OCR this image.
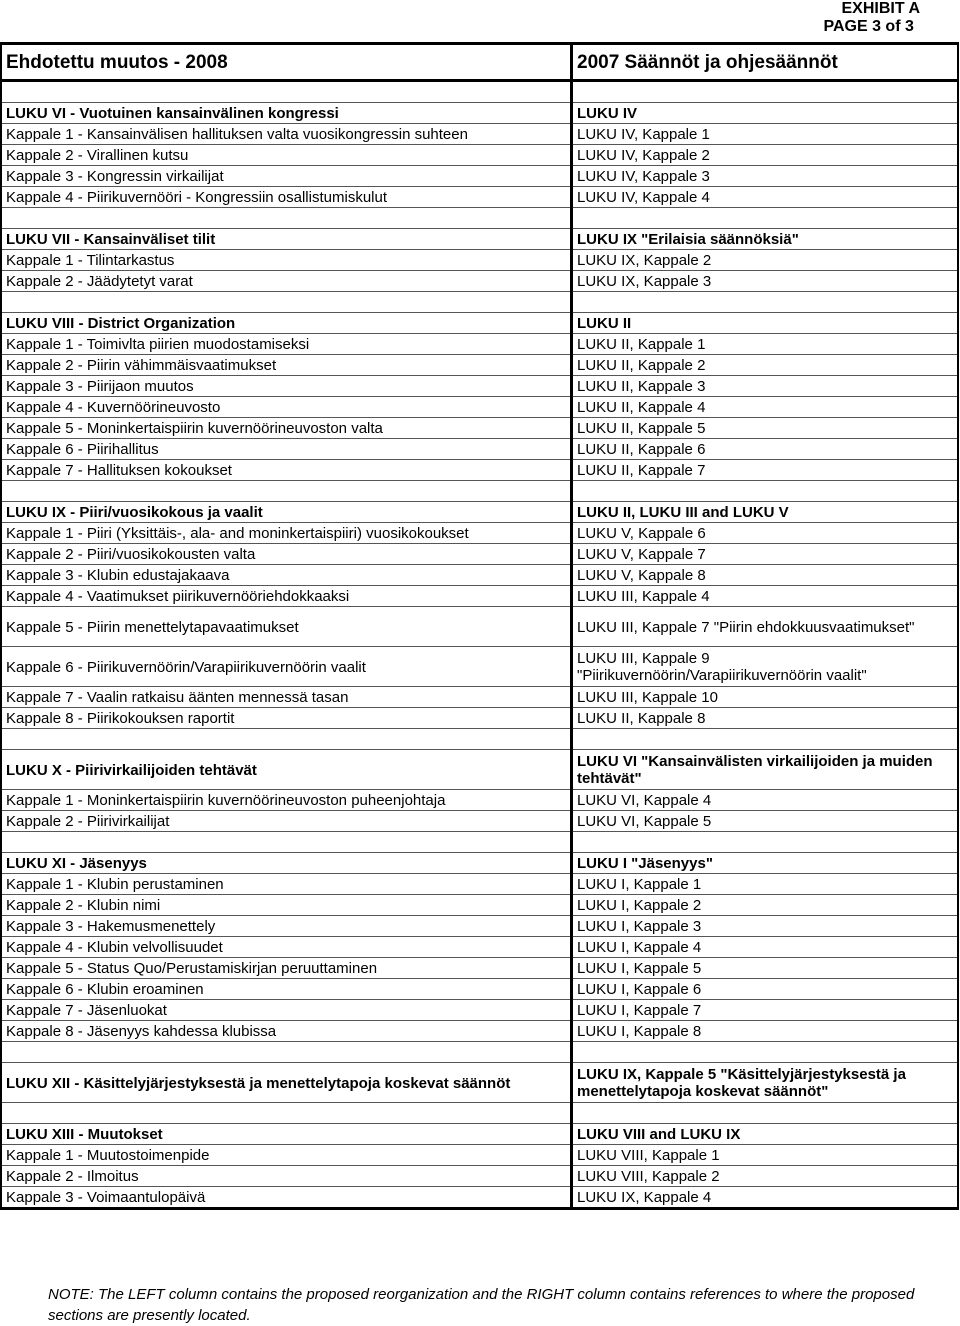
EXHIBIT A
PAGE 3 of 3
Ehdotettu muutos - 2008	2007 Säännöt ja ohjesäännöt

LUKU VI - Vuotuinen kansainvälinen kongressi	LUKU IV
Kappale 1 - Kansainvälisen hallituksen valta vuosikongressin suhteen	LUKU IV, Kappale 1
Kappale 2 - Virallinen kutsu	LUKU IV, Kappale 2
Kappale 3 - Kongressin virkailijat	LUKU IV, Kappale 3
Kappale 4 - Piirikuvernööri - Kongressiin osallistumiskulut	LUKU IV, Kappale 4

LUKU VII - Kansainväliset tilit	LUKU IX "Erilaisia säännöksiä"
Kappale 1 - Tilintarkastus	LUKU IX, Kappale 2
Kappale 2 - Jäädytetyt varat	LUKU IX, Kappale 3

LUKU VIII - District Organization	LUKU II
Kappale 1 - Toimivlta piirien muodostamiseksi	LUKU II, Kappale 1
Kappale 2 - Piirin vähimmäisvaatimukset	LUKU II, Kappale 2
Kappale 3 - Piirijaon muutos	LUKU II, Kappale 3
Kappale 4 - Kuvernöörineuvosto	LUKU II, Kappale 4
Kappale 5 - Moninkertaispiirin kuvernöörineuvoston valta	LUKU II, Kappale 5
Kappale 6 - Piirihallitus	LUKU II, Kappale 6
Kappale 7 - Hallituksen kokoukset	LUKU II, Kappale 7

LUKU IX - Piiri/vuosikokous ja vaalit	LUKU II, LUKU III and LUKU V
Kappale 1 - Piiri (Yksittäis-, ala- and moninkertaispiiri) vuosikokoukset	LUKU V, Kappale 6
Kappale 2 - Piiri/vuosikokousten valta	LUKU V, Kappale 7
Kappale 3 - Klubin edustajakaava	LUKU V, Kappale 8
Kappale 4 - Vaatimukset piirikuvernööriehdokkaaksi	LUKU III, Kappale 4
Kappale 5 - Piirin menettelytapavaatimukset	LUKU III, Kappale 7 "Piirin ehdokkuusvaatimukset"
Kappale 6 - Piirikuvernöörin/Varapiirikuvernöörin vaalit	LUKU III, Kappale 9 "Piirikuvernöörin/Varapiirikuvernöörin vaalit"
Kappale 7 - Vaalin ratkaisu äänten mennessä tasan	LUKU III, Kappale 10
Kappale 8 - Piirikokouksen raportit	LUKU II, Kappale 8

LUKU X - Piirivirkailijoiden tehtävät	LUKU VI "Kansainvälisten virkailijoiden ja muiden tehtävät"
Kappale 1 - Moninkertaispiirin kuvernöörineuvoston puheenjohtaja	LUKU VI, Kappale 4
Kappale 2 - Piirivirkailijat	LUKU VI, Kappale 5

LUKU XI - Jäsenyys	LUKU I "Jäsenyys"
Kappale 1 - Klubin perustaminen	LUKU I, Kappale 1
Kappale 2 - Klubin nimi	LUKU I, Kappale 2
Kappale 3 - Hakemusmenettely	LUKU I, Kappale 3
Kappale 4 - Klubin velvollisuudet	LUKU I, Kappale 4
Kappale 5 - Status Quo/Perustamiskirjan peruuttaminen	LUKU I, Kappale 5
Kappale 6 - Klubin eroaminen	LUKU I, Kappale 6
Kappale 7 - Jäsenluokat	LUKU I, Kappale 7
Kappale 8 - Jäsenyys kahdessa klubissa	LUKU I, Kappale 8

LUKU XII - Käsittelyjärjestyksestä ja menettelytapoja koskevat säännöt	LUKU IX, Kappale 5 "Käsittelyjärjestyksestä ja menettelytapoja koskevat säännöt"

LUKU XIII - Muutokset	LUKU VIII and LUKU IX
Kappale 1 - Muutostoimenpide	LUKU VIII, Kappale 1
Kappale 2 - Ilmoitus	LUKU VIII, Kappale 2
Kappale 3 - Voimaantulopäivä	LUKU IX, Kappale 4
NOTE: The LEFT column contains the proposed reorganization and the RIGHT column contains references to where the proposed sections are presently located.
